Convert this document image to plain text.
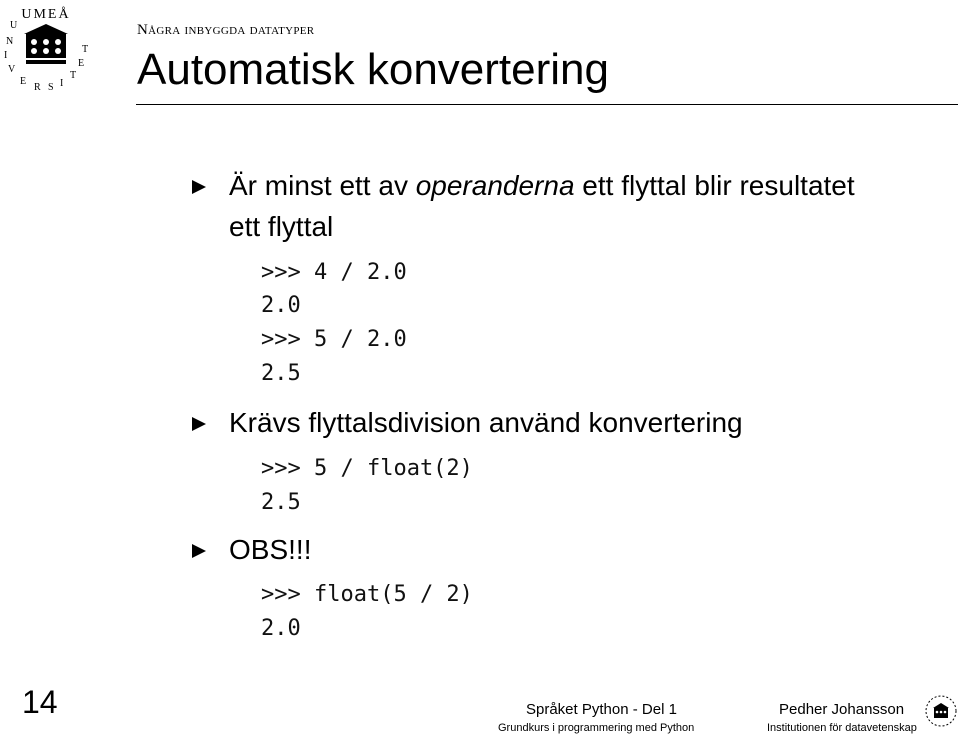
UMEÅ
U
N
I
V
E
R S I
T
E
T
Några inbyggda datatyper
Automatisk konvertering
Är minst ett av operanderna ett flyttal blir resultatet
ett flyttal
>>> 4 / 2.0
2.0
>>> 5 / 2.0
2.5
Krävs flyttalsdivision använd konvertering
>>> 5 / float(2)
2.5
OBS!!!
>>> float(5 / 2)
2.0
14	Språket Python - Del 1
Grundkurs i programmering med Python
Pedher Johansson
Institutionen för datavetenskap
